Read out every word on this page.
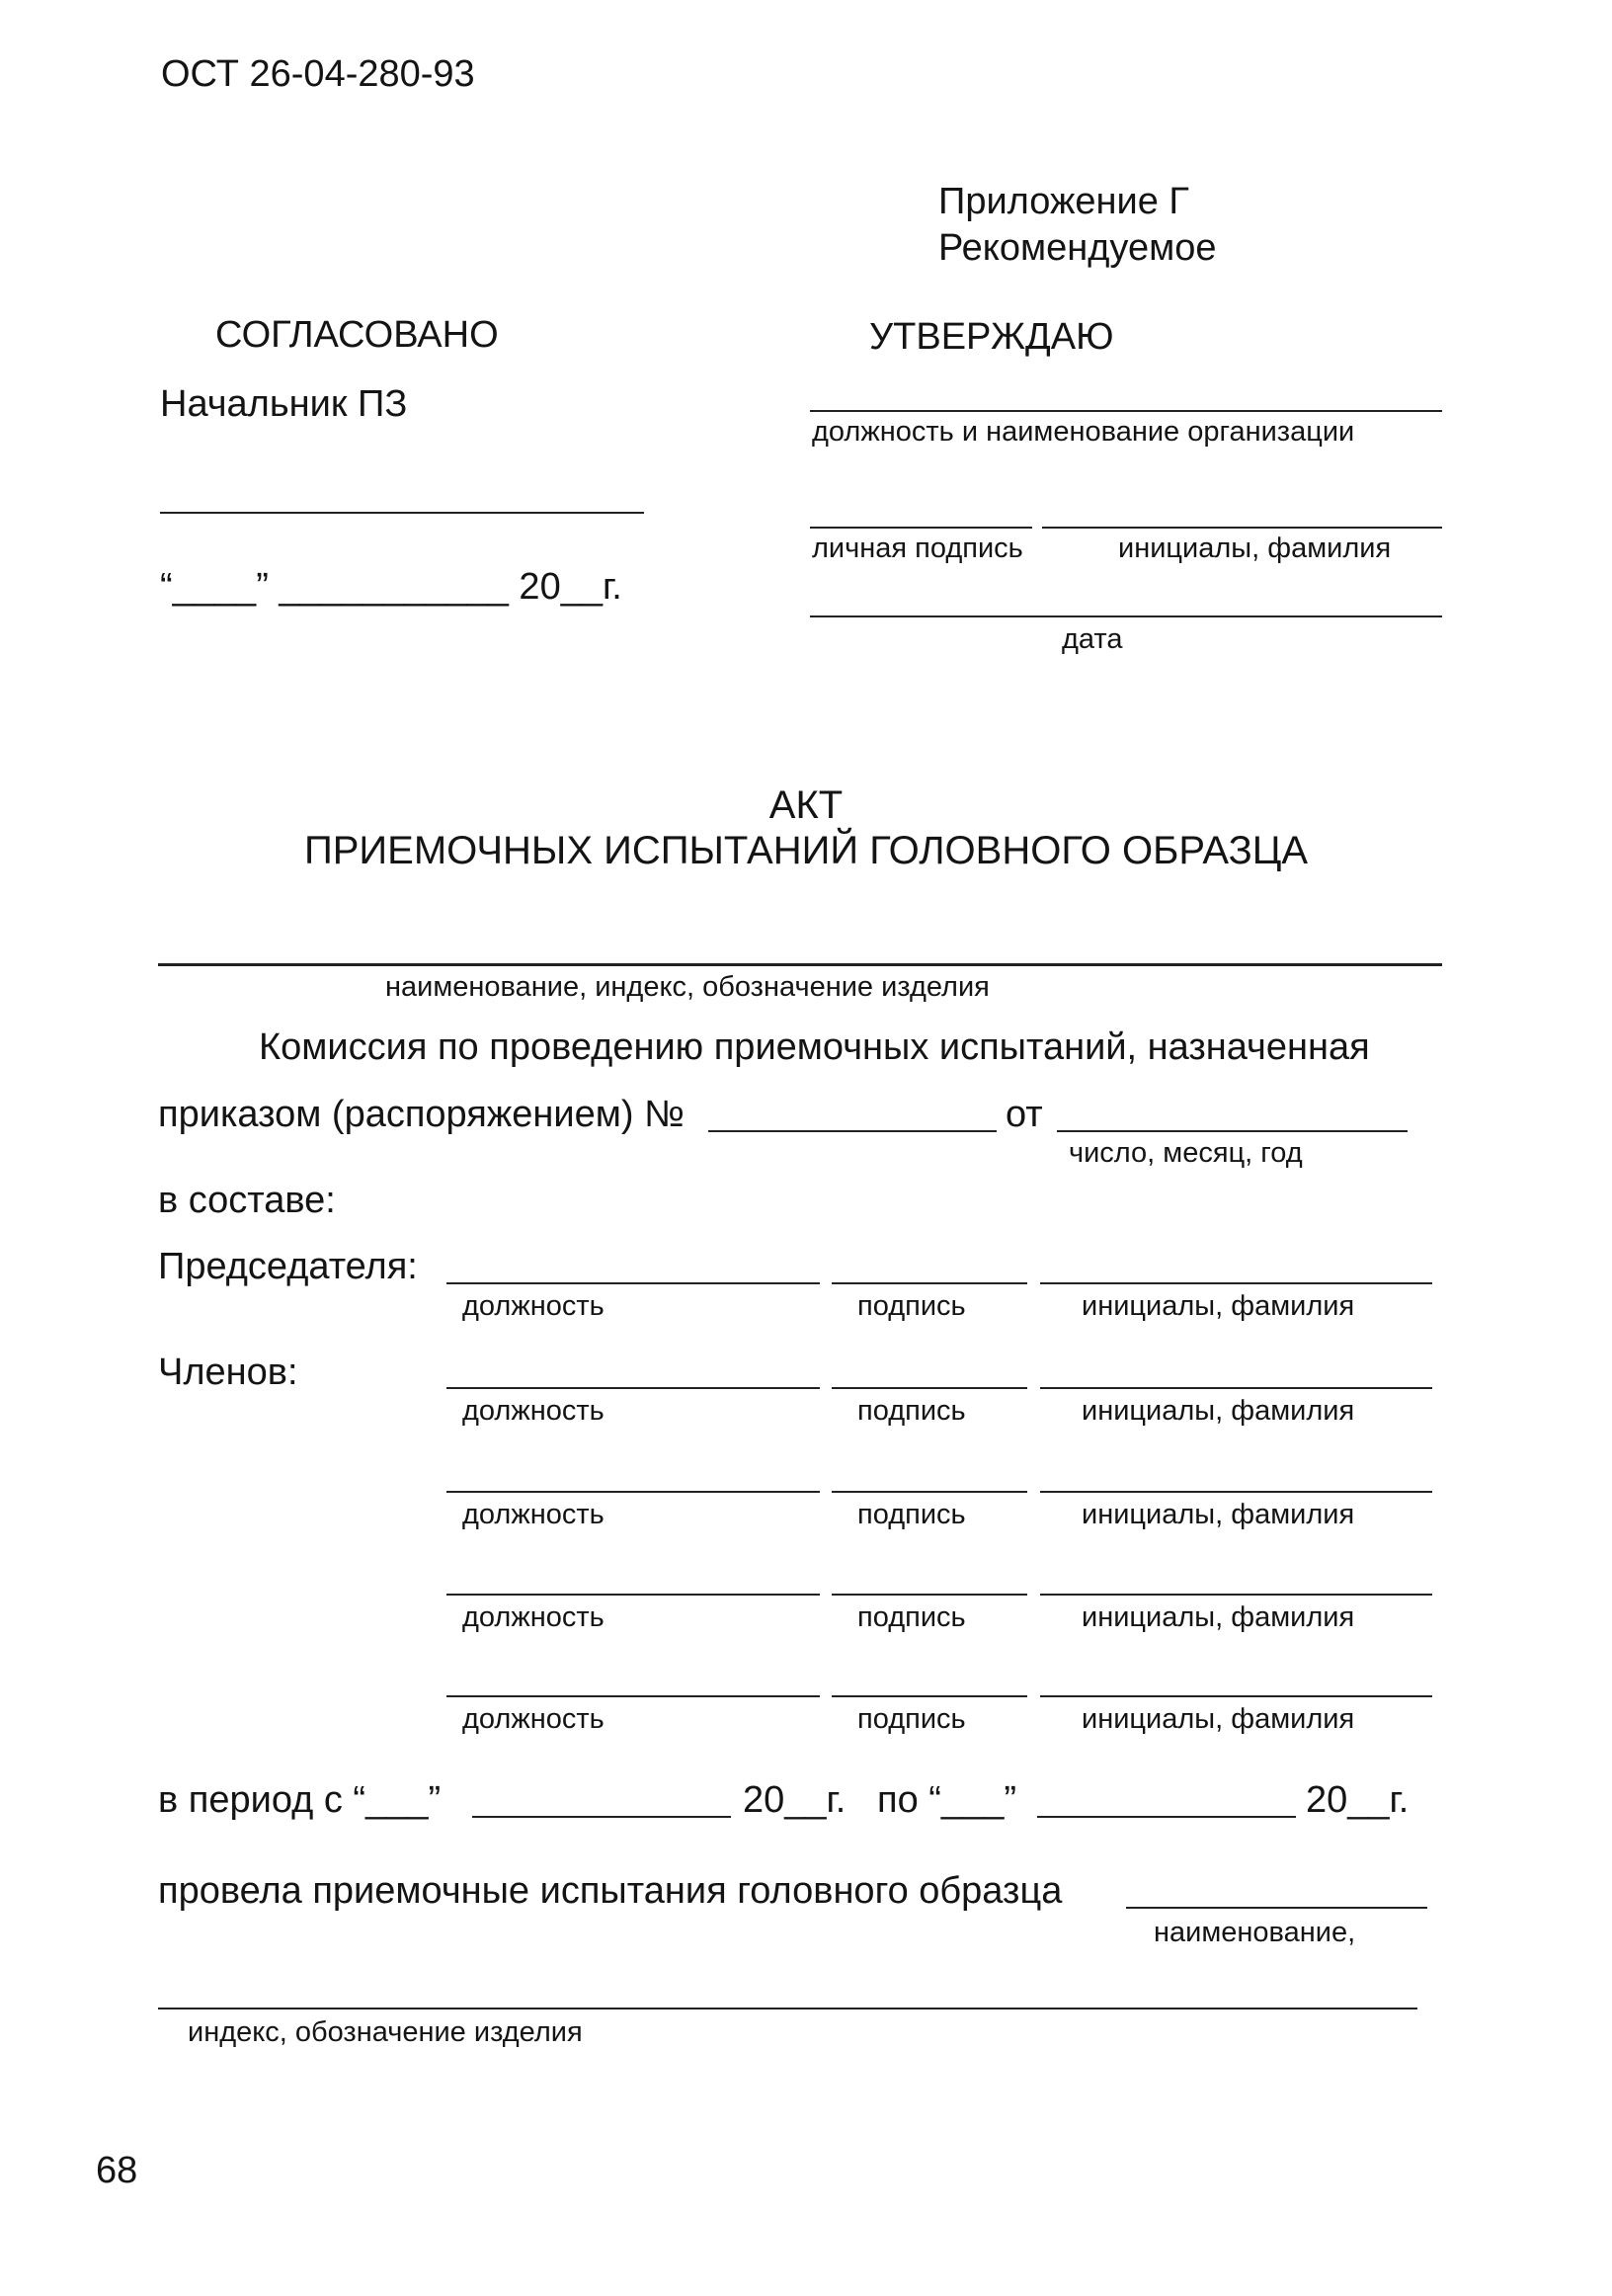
ОСТ 26-04-280-93
Приложение Г
Рекомендуемое
СОГЛАСОВАНО
Начальник ПЗ
“____” ___________ 20__г.
УТВЕРЖДАЮ
должность и наименование организации
личная подпись	инициалы, фамилия
дата
АКТ
ПРИЕМОЧНЫХ ИСПЫТАНИЙ ГОЛОВНОГО ОБРАЗЦА
наименование, индекс, обозначение изделия
Комиссия по проведению приемочных испытаний, назначенная
приказом (распоряжением) №	от
число, месяц, год
в составе:
Председателя:
должность	подпись	инициалы, фамилия
Членов:
должность	подпись	инициалы, фамилия
должность	подпись	инициалы, фамилия
должность	подпись	инициалы, фамилия
должность	подпись	инициалы, фамилия
в период с “___”	20__г. по “___”	20__г.
провела приемочные испытания головного образца
наименование,
индекс, обозначение изделия
68
